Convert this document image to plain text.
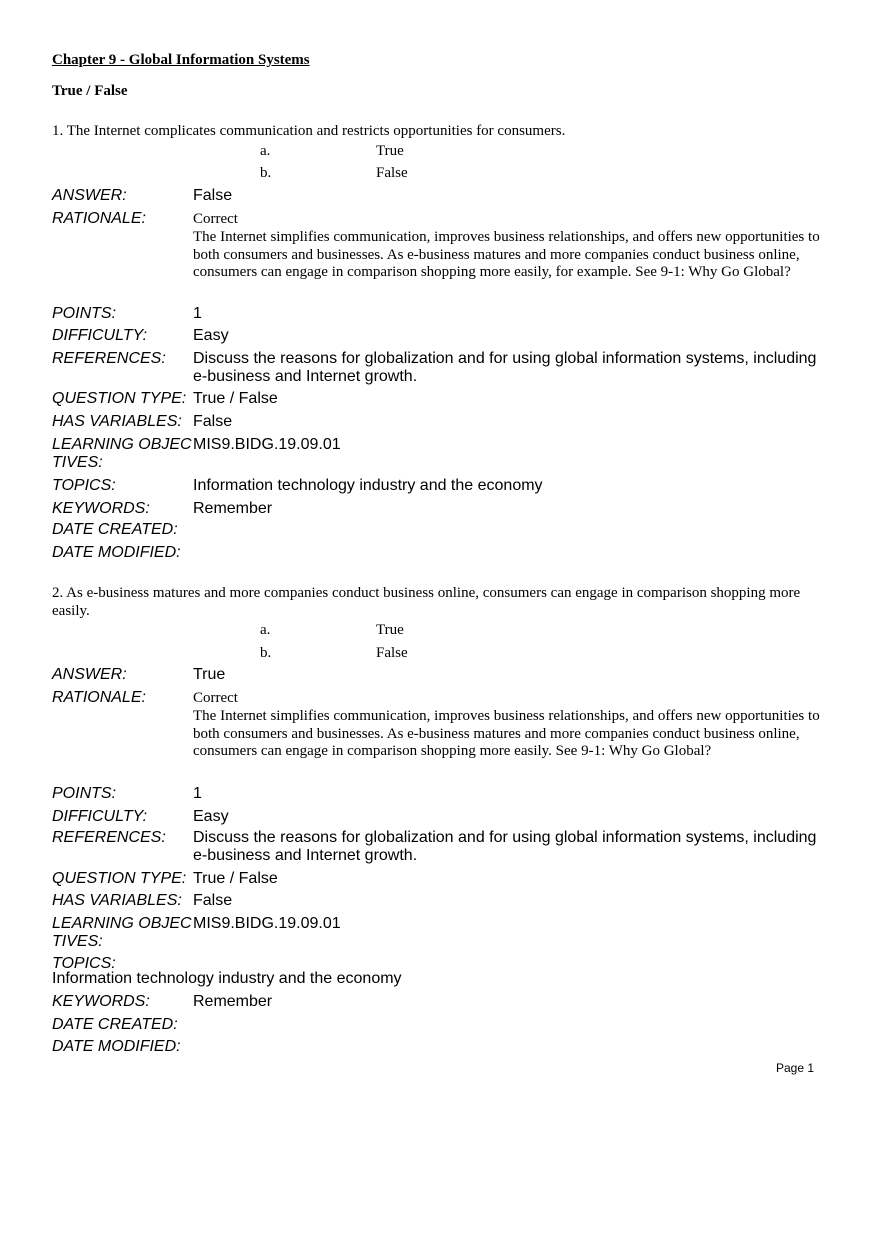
Chapter 9 - Global Information Systems
True / False
1. The Internet complicates communication and restricts opportunities for consumers.
a.	True
b.	False
ANSWER:	False
RATIONALE:	Correct
The Internet simplifies communication, improves business relationships, and offers new opportunities to both consumers and businesses. As e-business matures and more companies conduct business online, consumers can engage in comparison shopping more easily, for example. See 9-1: Why Go Global?
POINTS:	1
DIFFICULTY:	Easy
REFERENCES: Discuss the reasons for globalization and for using global information systems, including e-business and Internet growth.
QUESTION TYPE: True / False
HAS VARIABLES: False
LEARNING OBJEC
TIVES:
MIS9.BIDG.19.09.01
TOPICS:	Information technology industry and the economy
KEYWORDS:	Remember
DATE CREATED:
DATE MODIFIED:
2. As e-business matures and more companies conduct business online, consumers can engage in comparison shopping more easily.
a.	True
b.	False
ANSWER:	True
RATIONALE:	Correct
The Internet simplifies communication, improves business relationships, and offers new opportunities to both consumers and businesses. As e-business matures and more companies conduct business online, consumers can engage in comparison shopping more easily. See 9-1: Why Go Global?
POINTS:	1
DIFFICULTY:	Easy
REFERENCES: Discuss the reasons for globalization and for using global information systems, including e-business and Internet growth.
QUESTION TYPE: True / False
HAS VARIABLES: False
LEARNING OBJEC
TIVES:
MIS9.BIDG.19.09.01
TOPICS:
Information technology industry and the economy
KEYWORDS:	Remember
DATE CREATED:
DATE MODIFIED:
Page 1
